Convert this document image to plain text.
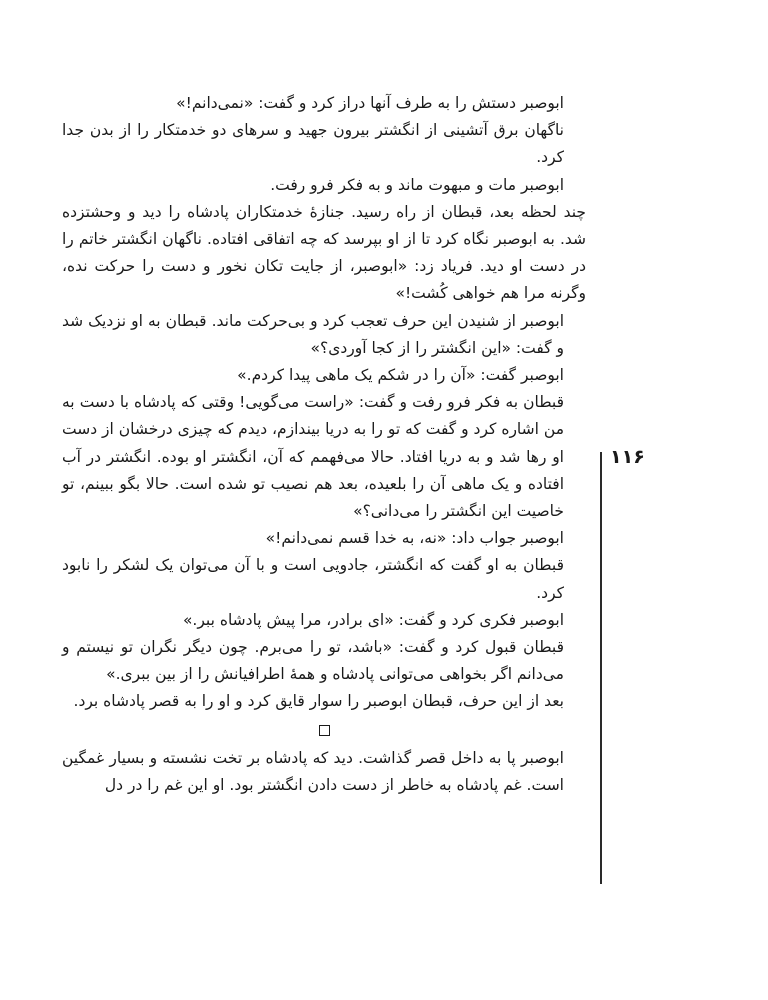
ابوصبر دستش را به طرف آنها دراز کرد و گفت: «نمی‌دانم!»

ناگهان برق آتشینی از انگشتر بیرون جهید و سرهای دو خدمتکار را از بدن جدا کرد.

ابوصبر مات و مبهوت ماند و به فکر فرو رفت.

چند لحظه بعد، قبطان از راه رسید. جنازهٔ خدمتکاران پادشاه را دید و وحشتزده شد. به ابوصبر نگاه کرد تا از او بپرسد که چه اتفاقی افتاده. ناگهان انگشتر خاتم را در دست او دید. فریاد زد: «ابوصبر، از جایت تکان نخور و دست را حرکت نده، وگرنه مرا هم خواهی کُشت!»

ابوصبر از شنیدن این حرف تعجب کرد و بی‌حرکت ماند. قبطان به او نزدیک شد و گفت: «این انگشتر را از کجا آوردی؟»

ابوصبر گفت: «آن را در شکم یک ماهی پیدا کردم.»

قبطان به فکر فرو رفت و گفت: «راست می‌گویی! وقتی که پادشاه با دست به من اشاره کرد و گفت که تو را به دریا بیندازم، دیدم که چیزی درخشان از دست او رها شد و به دریا افتاد. حالا می‌فهمم که آن، انگشتر او بوده. انگشتر در آب افتاده و یک ماهی آن را بلعیده، بعد هم نصیب تو شده است. حالا بگو ببینم، تو خاصیت این انگشتر را می‌دانی؟»

ابوصبر جواب داد: «نه، به خدا قسم نمی‌دانم!»

قبطان به او گفت که انگشتر، جادویی است و با آن می‌توان یک لشکر را نابود کرد.

ابوصبر فکری کرد و گفت: «ای برادر، مرا پیش پادشاه ببر.»

قبطان قبول کرد و گفت: «باشد، تو را می‌برم. چون دیگر نگران تو نیستم و می‌دانم اگر بخواهی می‌توانی پادشاه و همهٔ اطرافیانش را از بین ببری.»

بعد از این حرف، قبطان ابوصبر را سوار قایق کرد و او را به قصر پادشاه برد.

ابوصبر پا به داخل قصر گذاشت. دید که پادشاه بر تخت نشسته و بسیار غمگین است. غم پادشاه به خاطر از دست دادن انگشتر بود. او این غم را در دل

۱۱۶
